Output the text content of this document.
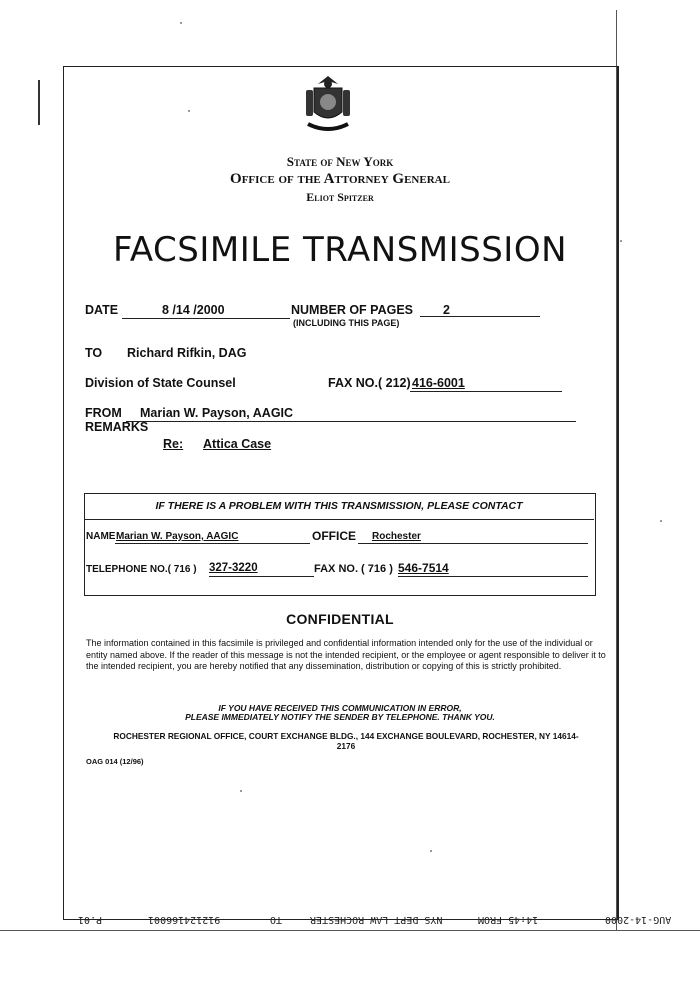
State of New York
Office of the Attorney General
Eliot Spitzer
FACSIMILE TRANSMISSION
DATE	8 /14 /2000	NUMBER OF PAGES 2
(INCLUDING THIS PAGE)
TO Richard Rifkin, DAG
Division of State Counsel	FAX NO.( 212) 416-6001
FROM Marian W. Payson, AAGIC
REMARKS
Re: Attica Case
IF THERE IS A PROBLEM WITH THIS TRANSMISSION, PLEASE CONTACT
NAME Marian W. Payson, AAGIC	OFFICE Rochester
TELEPHONE NO.( 716 ) 327-3220	FAX NO. ( 716 ) 546-7514
CONFIDENTIAL
The information contained in this facsimile is privileged and confidential information intended only for the use of the individual or entity named above. If the reader of this message is not the intended recipient, or the employee or agent responsible to deliver it to the intended recipient, you are hereby notified that any dissemination, distribution or copying of this is strictly prohibited.
IF YOU HAVE RECEIVED THIS COMMUNICATION IN ERROR,
PLEASE IMMEDIATELY NOTIFY THE SENDER BY TELEPHONE. THANK YOU.
ROCHESTER REGIONAL OFFICE, COURT EXCHANGE BLDG., 144 EXCHANGE BOULEVARD, ROCHESTER, NY 14614-
2176
OAG 014 (12/96)
P.01	912124166001	TO	NYS DEPT LAW ROCHESTER	14:45 FROM	AUG-14-2000
